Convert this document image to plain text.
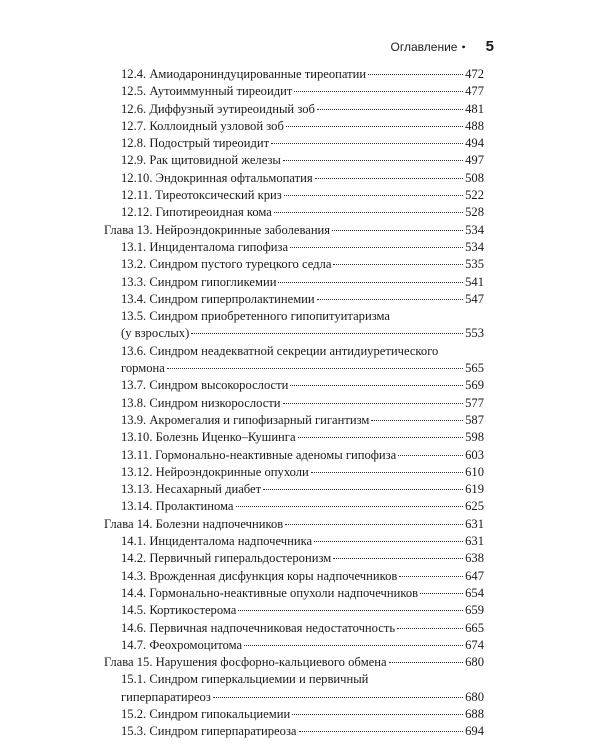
Оглавление • 5
12.4. Амиодарониндуцированные тиреопатии	472
12.5. Аутоиммунный тиреоидит	477
12.6. Диффузный эутиреоидный зоб	481
12.7. Коллоидный узловой зоб	488
12.8. Подострый тиреоидит	494
12.9. Рак щитовидной железы	497
12.10. Эндокринная офтальмопатия	508
12.11. Тиреотоксический криз	522
12.12. Гипотиреоидная кома	528
Глава 13. Нейроэндокринные заболевания	534
13.1. Инциденталома гипофиза	534
13.2. Синдром пустого турецкого седла	535
13.3. Синдром гипогликемии	541
13.4. Синдром гиперпролактинемии	547
13.5. Синдром приобретенного гипопитуитаризма
(у взрослых)	553
13.6. Синдром неадекватной секреции антидиуретического
гормона	565
13.7. Синдром высокорослости	569
13.8. Синдром низкорослости	577
13.9. Акромегалия и гипофизарный гигантизм	587
13.10. Болезнь Иценко–Кушинга	598
13.11. Гормонально-неактивные аденомы гипофиза	603
13.12. Нейроэндокринные опухоли	610
13.13. Несахарный диабет	619
13.14. Пролактинома	625
Глава 14. Болезни надпочечников	631
14.1. Инциденталома надпочечника	631
14.2. Первичный гиперальдостеронизм	638
14.3. Врожденная дисфункция коры надпочечников	647
14.4. Гормонально-неактивные опухоли надпочечников	654
14.5. Кортикостерома	659
14.6. Первичная надпочечниковая недостаточность	665
14.7. Феохромоцитома	674
Глава 15. Нарушения фосфорно-кальциевого обмена	680
15.1. Синдром гиперкальциемии и первичный
гиперпаратиреоз	680
15.2. Синдром гипокальциемии	688
15.3. Синдром гиперпаратиреоза	694
